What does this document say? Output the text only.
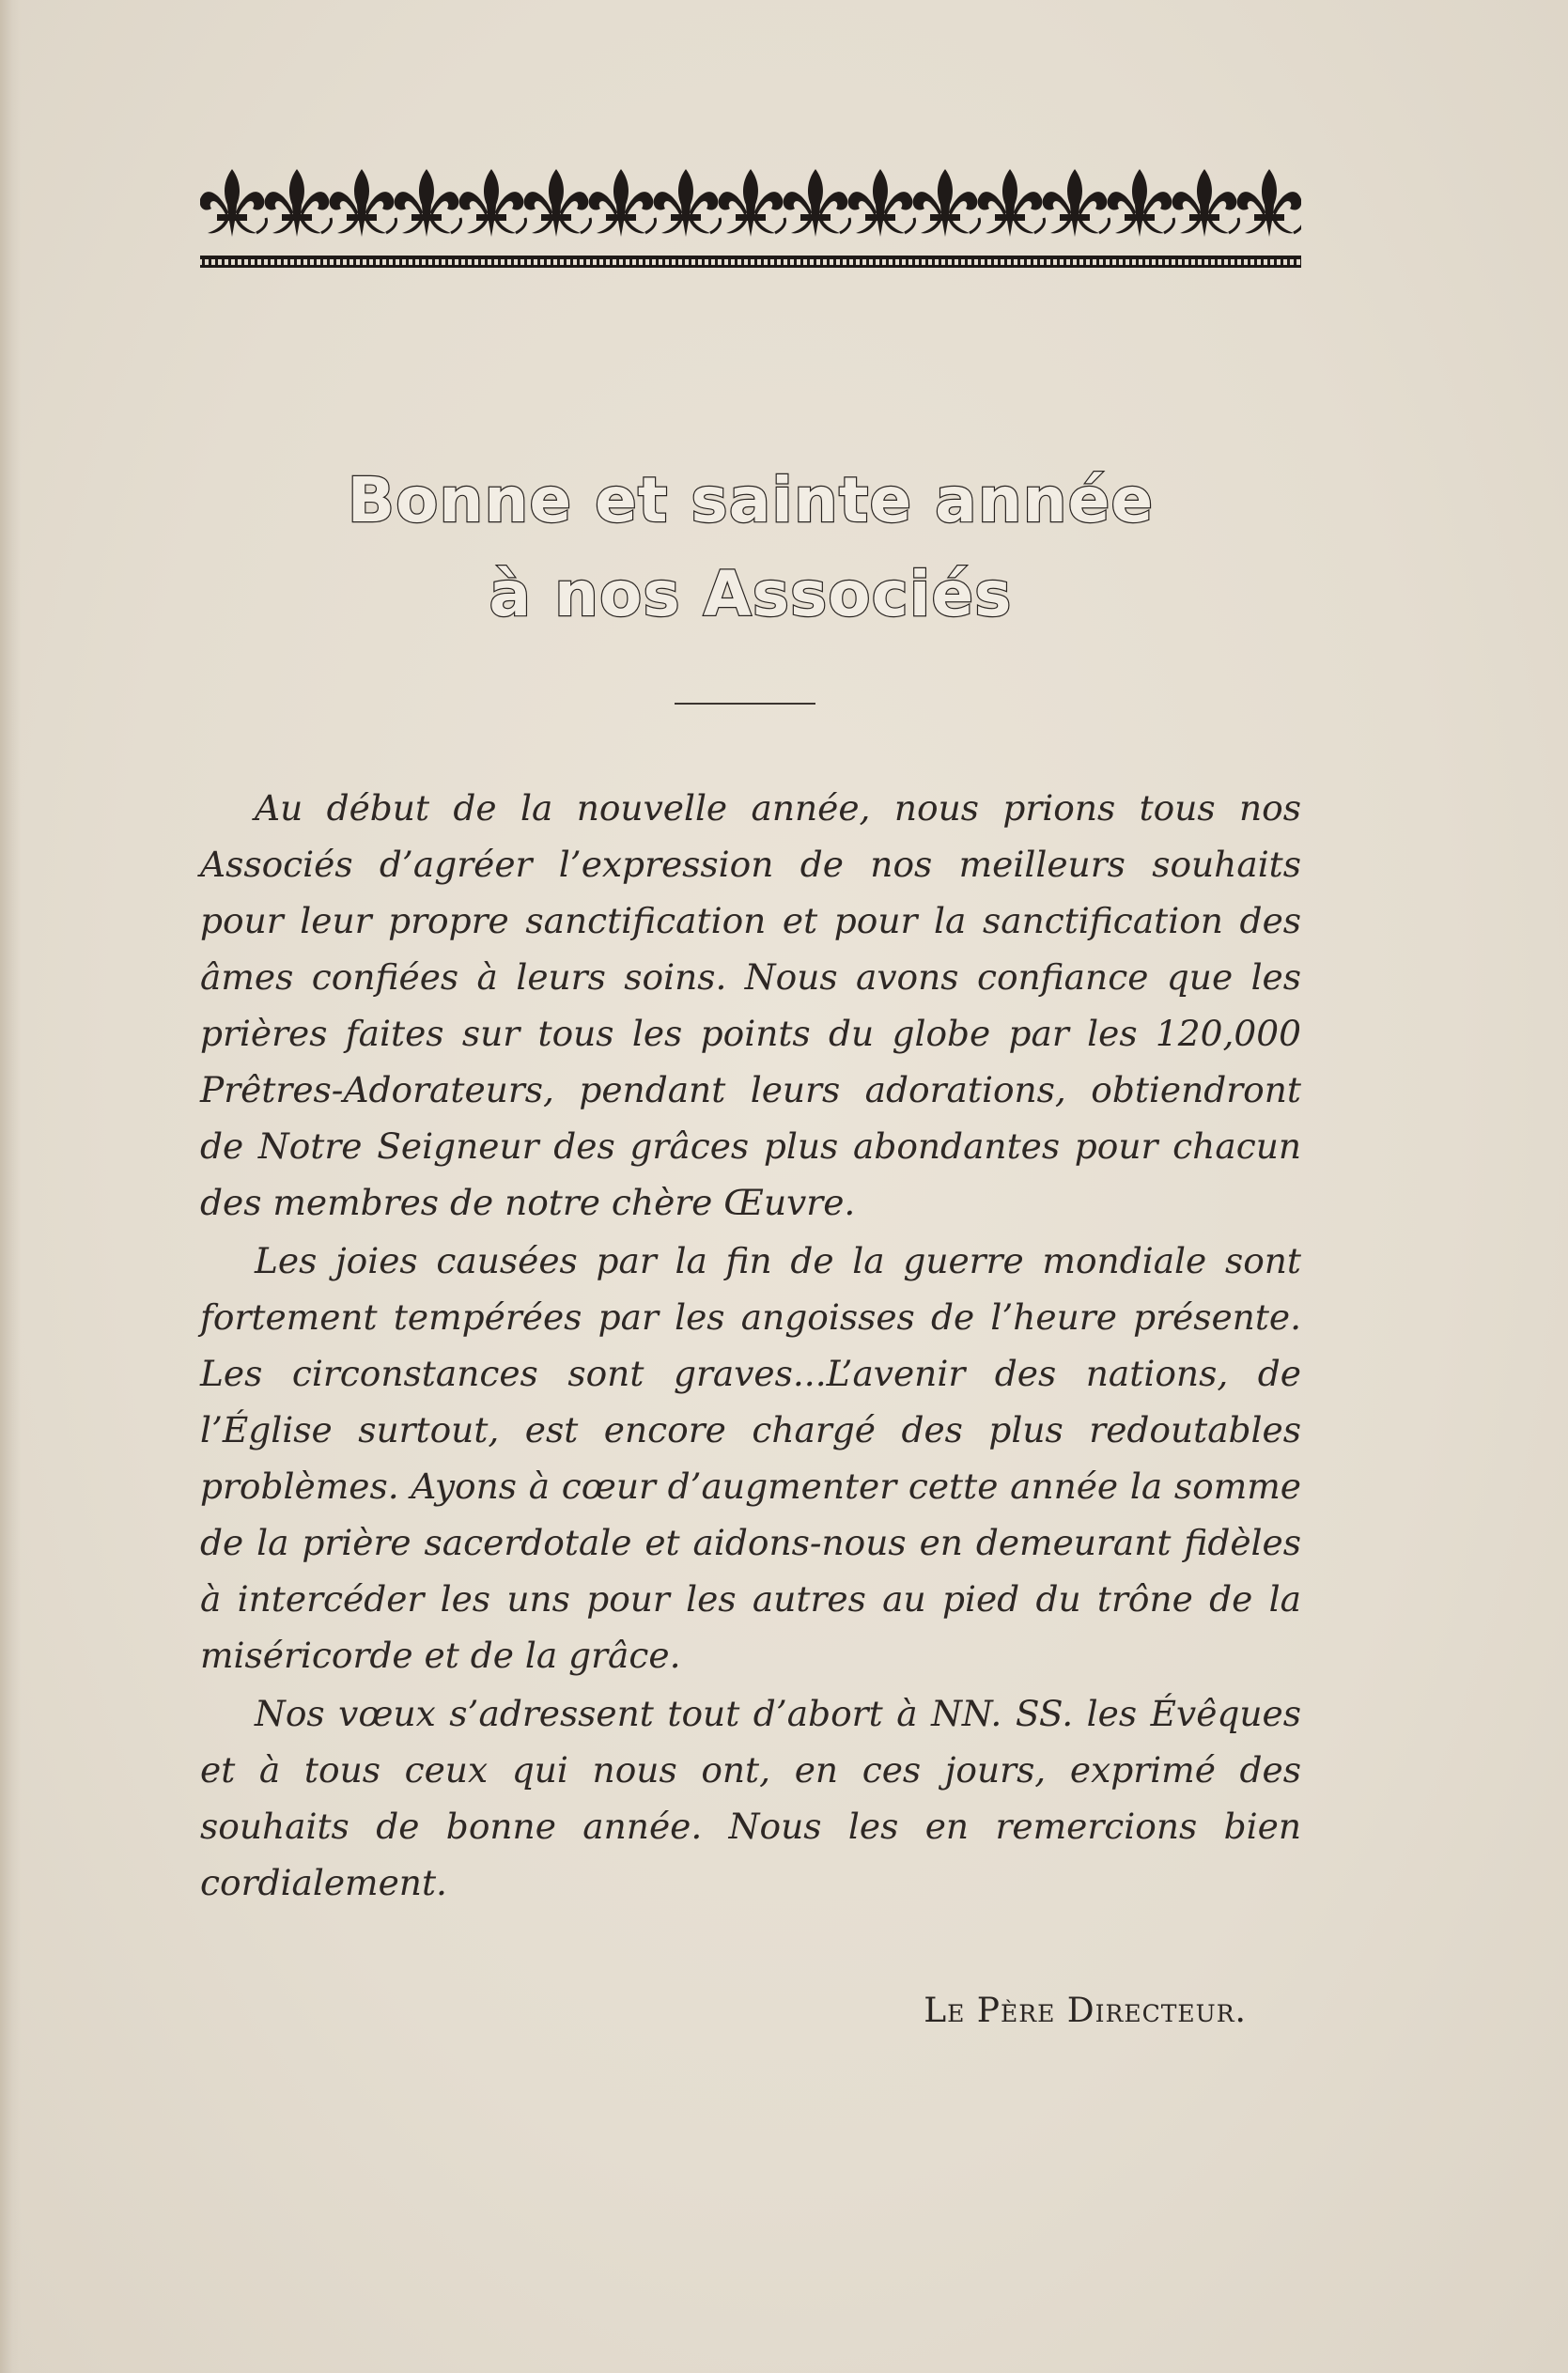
Bonne et sainte année
à nos Associés

Au début de la nouvelle année, nous prions tous nos Associés d’agréer l’expression de nos meilleurs souhaits pour leur propre sanctification et pour la sanctification des âmes confiées à leurs soins. Nous avons confiance que les prières faites sur tous les points du globe par les 120,000 Prêtres-Adorateurs, pendant leurs adorations, obtiendront de Notre Seigneur des grâces plus abondantes pour chacun des membres de notre chère Œuvre.

Les joies causées par la fin de la guerre mondiale sont fortement tempérées par les angoisses de l’heure présente. Les circonstances sont graves...L’avenir des nations, de l’Église surtout, est encore chargé des plus redoutables problèmes. Ayons à cœur d’augmenter cette année la somme de la prière sacerdotale et aidons-nous en demeurant fidèles à intercéder les uns pour les autres au pied du trône de la miséricorde et de la grâce.

Nos vœux s’adressent tout d’abort à NN. SS. les Évêques et à tous ceux qui nous ont, en ces jours, exprimé des souhaits de bonne année. Nous les en remercions bien cordialement.

Le Père Directeur.
